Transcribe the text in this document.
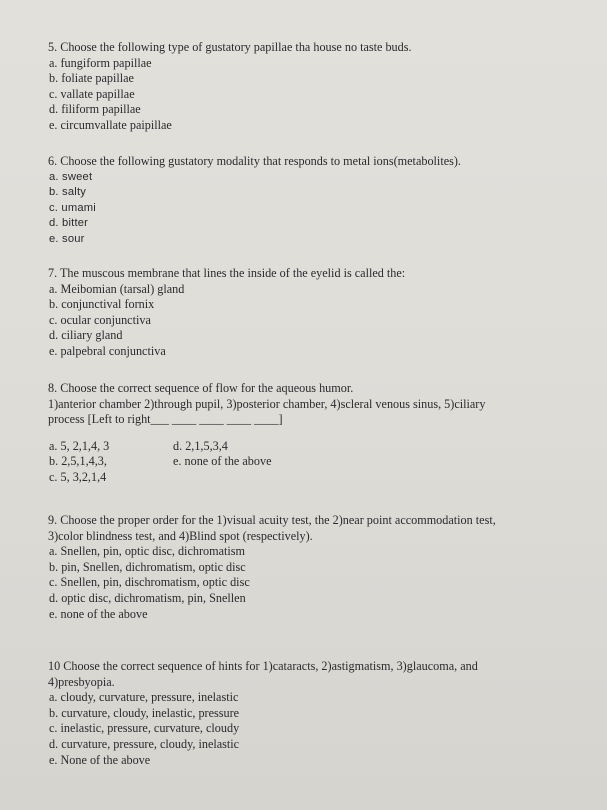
5. Choose the following type of gustatory papillae tha house no taste buds.

a. fungiform papillae

b. foliate papillae

c. vallate papillae

d. filiform papillae

e. circumvallate paipillae

6. Choose the following gustatory modality that responds to metal ions(metabolites).

a. sweet

b. salty

c. umami

d. bitter

e. sour

7. The muscous membrane that lines the inside of the eyelid is called the:

a. Meibomian (tarsal) gland

b. conjunctival fornix

c. ocular conjunctiva

d. ciliary gland

e. palpebral conjunctiva

8. Choose the correct sequence of flow for the aqueous humor.

1)anterior chamber 2)through pupil, 3)posterior chamber, 4)scleral venous sinus, 5)ciliary

process [Left to right___ ____ ____ ____ ____]

a. 5, 2,1,4, 3

b. 2,5,1,4,3,

c. 5, 3,2,1,4

d. 2,1,5,3,4

e. none of the above

9. Choose the proper order for the 1)visual acuity test, the 2)near point accommodation test,

3)color blindness test, and 4)Blind spot (respectively).

a. Snellen, pin, optic disc, dichromatism

b. pin, Snellen, dichromatism, optic disc

c. Snellen, pin, dischromatism, optic disc

d. optic disc, dichromatism, pin, Snellen

e. none of the above

10 Choose the correct sequence of hints for 1)cataracts, 2)astigmatism, 3)glaucoma, and

4)presbyopia.

a. cloudy, curvature, pressure, inelastic

b. curvature, cloudy, inelastic, pressure

c. inelastic, pressure, curvature, cloudy

d. curvature, pressure, cloudy, inelastic

e. None of the above
